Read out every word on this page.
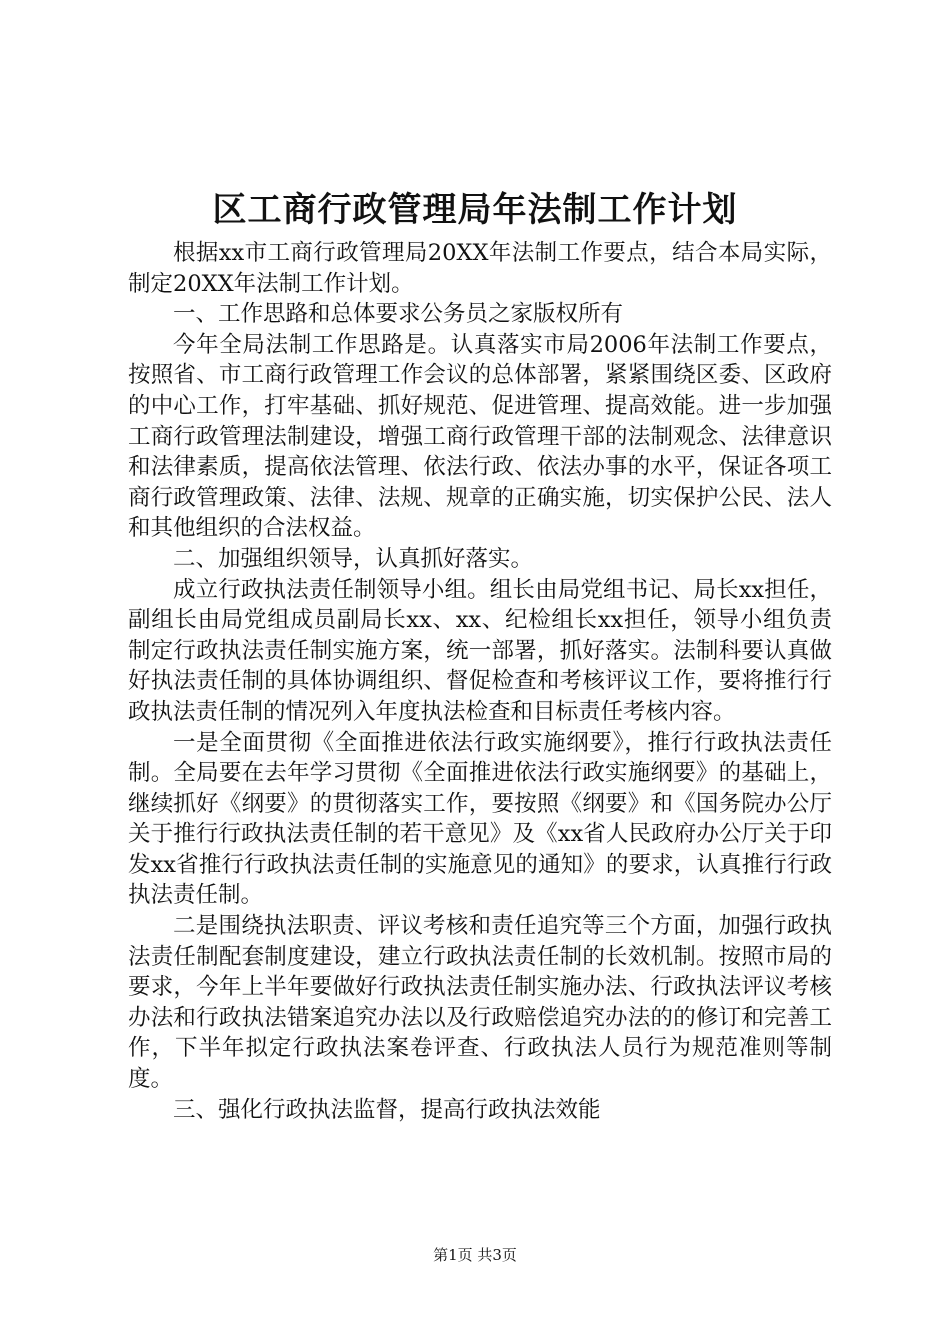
区工商行政管理局年法制工作计划

根据xx市工商行政管理局20XX年法制工作要点，结合本局实际，制定20XX年法制工作计划。

一、工作思路和总体要求公务员之家版权所有

今年全局法制工作思路是。认真落实市局2006年法制工作要点，按照省、市工商行政管理工作会议的总体部署，紧紧围绕区委、区政府的中心工作，打牢基础、抓好规范、促进管理、提高效能。进一步加强工商行政管理法制建设，增强工商行政管理干部的法制观念、法律意识和法律素质，提高依法管理、依法行政、依法办事的水平，保证各项工商行政管理政策、法律、法规、规章的正确实施，切实保护公民、法人和其他组织的合法权益。

二、加强组织领导，认真抓好落实。

成立行政执法责任制领导小组。组长由局党组书记、局长xx担任，副组长由局党组成员副局长xx、xx、纪检组长xx担任，领导小组负责制定行政执法责任制实施方案，统一部署，抓好落实。法制科要认真做好执法责任制的具体协调组织、督促检查和考核评议工作，要将推行行政执法责任制的情况列入年度执法检查和目标责任考核内容。

一是全面贯彻《全面推进依法行政实施纲要》，推行行政执法责任制。全局要在去年学习贯彻《全面推进依法行政实施纲要》的基础上，继续抓好《纲要》的贯彻落实工作，要按照《纲要》和《国务院办公厅关于推行行政执法责任制的若干意见》及《xx省人民政府办公厅关于印发xx省推行行政执法责任制的实施意见的通知》的要求，认真推行行政执法责任制。

二是围绕执法职责、评议考核和责任追究等三个方面，加强行政执法责任制配套制度建设，建立行政执法责任制的长效机制。按照市局的要求，今年上半年要做好行政执法责任制实施办法、行政执法评议考核办法和行政执法错案追究办法以及行政赔偿追究办法的的修订和完善工作，下半年拟定行政执法案卷评查、行政执法人员行为规范准则等制度。

三、强化行政执法监督，提高行政执法效能

第1页 共3页
